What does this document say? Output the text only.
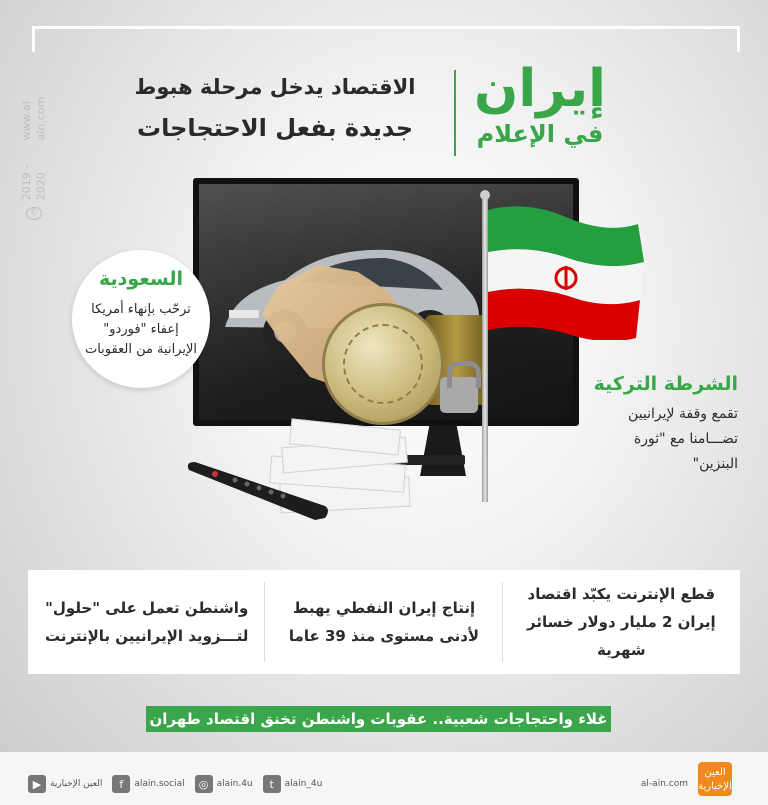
www.al-ain.com
2019 - 2020
©
إيران
في الإعلام
الاقتصاد يدخل مرحلة هبوط
جديدة بفعل الاحتجاجات
السعودية
ترحّب بإنهاء أمريكا إعفاء "فوردو" الإيرانية من العقوبات
الشرطة التركية
تقمع وقفة لإيرانيين تضـــامنا مع "ثورة البنزين"
قطع الإنترنت يكبّد اقتصاد إيران 2 مليار دولار خسائر شهرية
إنتاج إيران النفطي يهبط لأدنى مستوى منذ 39 عاما
واشنطن تعمل على "حلول" لتـــزويد الإيرانيين بالإنترنت
غلاء واحتجاجات شعبية.. عقوبات واشنطن تخنق اقتصاد طهران
العين الإخبارية
al-ain.com
t	alain_4u
◎ alain.4u
f	alain.social
▶ العين الإخبارية
